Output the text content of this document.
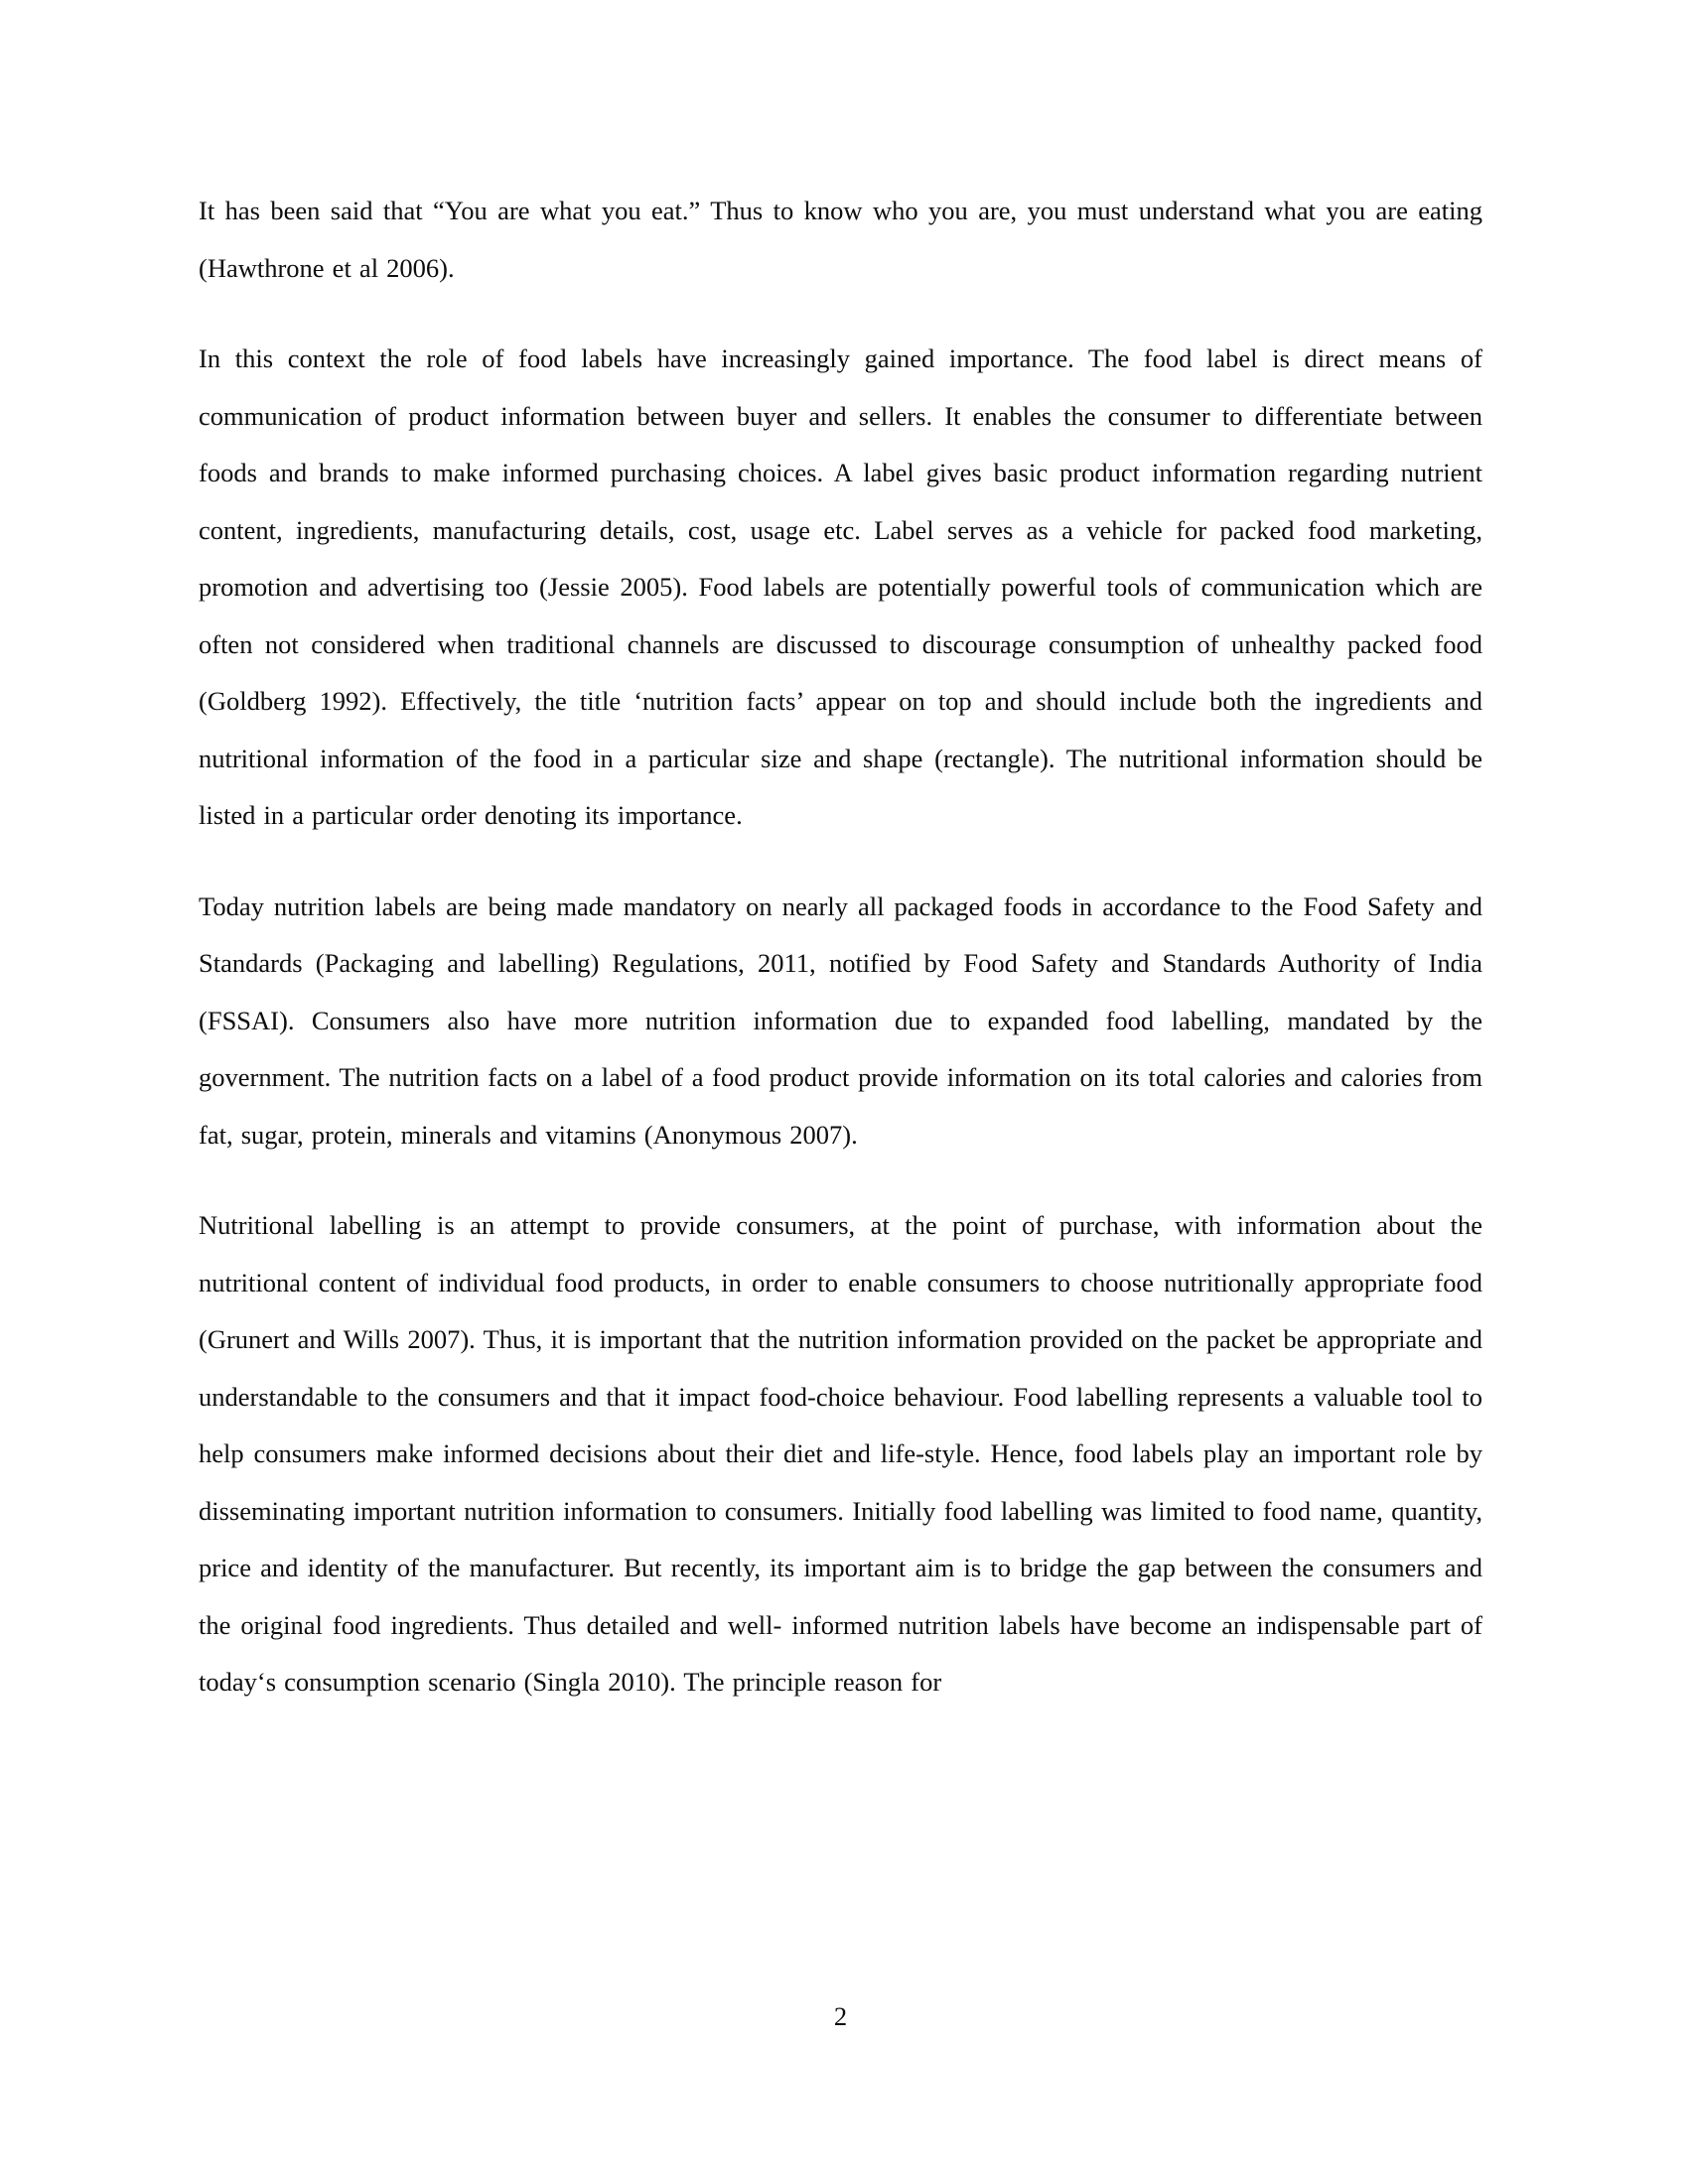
It has been said that “You are what you eat.” Thus to know who you are, you must understand what you are eating (Hawthrone et al 2006).

In this context the role of food labels have increasingly gained importance. The food label is direct means of communication of product information between buyer and sellers. It enables the consumer to differentiate between foods and brands to make informed purchasing choices. A label gives basic product information regarding nutrient content, ingredients, manufacturing details, cost, usage etc. Label serves as a vehicle for packed food marketing, promotion and advertising too (Jessie 2005). Food labels are potentially powerful tools of communication which are often not considered when traditional channels are discussed to discourage consumption of unhealthy packed food (Goldberg 1992). Effectively, the title ‘nutrition facts’ appear on top and should include both the ingredients and nutritional information of the food in a particular size and shape (rectangle). The nutritional information should be listed in a particular order denoting its importance.

Today nutrition labels are being made mandatory on nearly all packaged foods in accordance to the Food Safety and Standards (Packaging and labelling) Regulations, 2011, notified by Food Safety and Standards Authority of India (FSSAI). Consumers also have more nutrition information due to expanded food labelling, mandated by the government. The nutrition facts on a label of a food product provide information on its total calories and calories from fat, sugar, protein, minerals and vitamins (Anonymous 2007).

Nutritional labelling is an attempt to provide consumers, at the point of purchase, with information about the nutritional content of individual food products, in order to enable consumers to choose nutritionally appropriate food (Grunert and Wills 2007). Thus, it is important that the nutrition information provided on the packet be appropriate and understandable to the consumers and that it impact food-choice behaviour. Food labelling represents a valuable tool to help consumers make informed decisions about their diet and life-style. Hence, food labels play an important role by disseminating important nutrition information to consumers. Initially food labelling was limited to food name, quantity, price and identity of the manufacturer. But recently, its important aim is to bridge the gap between the consumers and the original food ingredients. Thus detailed and well- informed nutrition labels have become an indispensable part of today‘s consumption scenario (Singla 2010). The principle reason for

2
